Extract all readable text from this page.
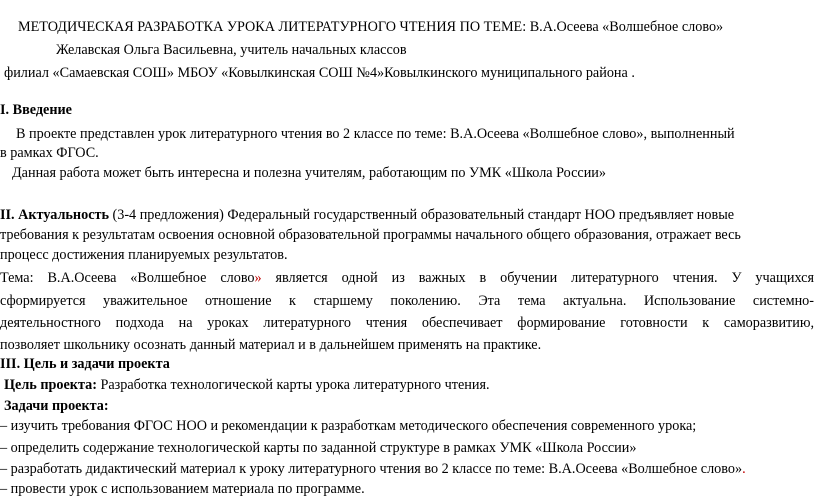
МЕТОДИЧЕСКАЯ РАЗРАБОТКА УРОКА ЛИТЕРАТУРНОГО ЧТЕНИЯ ПО ТЕМЕ: В.А.Осеева «Волшебное слово»
Желавская Ольга Васильевна, учитель начальных классов
филиал «Самаевская СОШ» МБОУ «Ковылкинская СОШ №4»Ковылкинского муниципального района .
I. Введение
В проекте представлен урок литературного чтения во 2 классе по теме: В.А.Осеева «Волшебное слово», выполненный
в рамках ФГОС.
Данная работа может быть интересна и полезна учителям, работающим по УМК «Школа России»
II. Актуальность (3-4 предложения) Федеральный государственный образовательный стандарт НОО предъявляет новые
требования к результатам освоения основной образовательной программы начального общего образования, отражает весь
процесс достижения планируемых результатов.
Тема: В.А.Осеева «Волшебное слово» является одной из важных в обучении литературного чтения. У учащихся
сформируется уважительное отношение к старшему поколению. Эта тема актуальна. Использование системно-
деятельностного подхода на уроках литературного чтения обеспечивает формирование готовности к саморазвитию,
позволяет школьнику осознать данный материал и в дальнейшем применять на практике.
III. Цель и задачи проекта
Цель проекта: Разработка технологической карты урока литературного чтения.
Задачи проекта:
– изучить требования ФГОС НОО и рекомендации к разработкам методического обеспечения современного урока;
– определить содержание технологической карты по заданной структуре в рамках УМК «Школа России»
– разработать дидактический материал к уроку литературного чтения во 2 классе по теме: В.А.Осеева «Волшебное слово».
– провести урок с использованием материала по программе.
